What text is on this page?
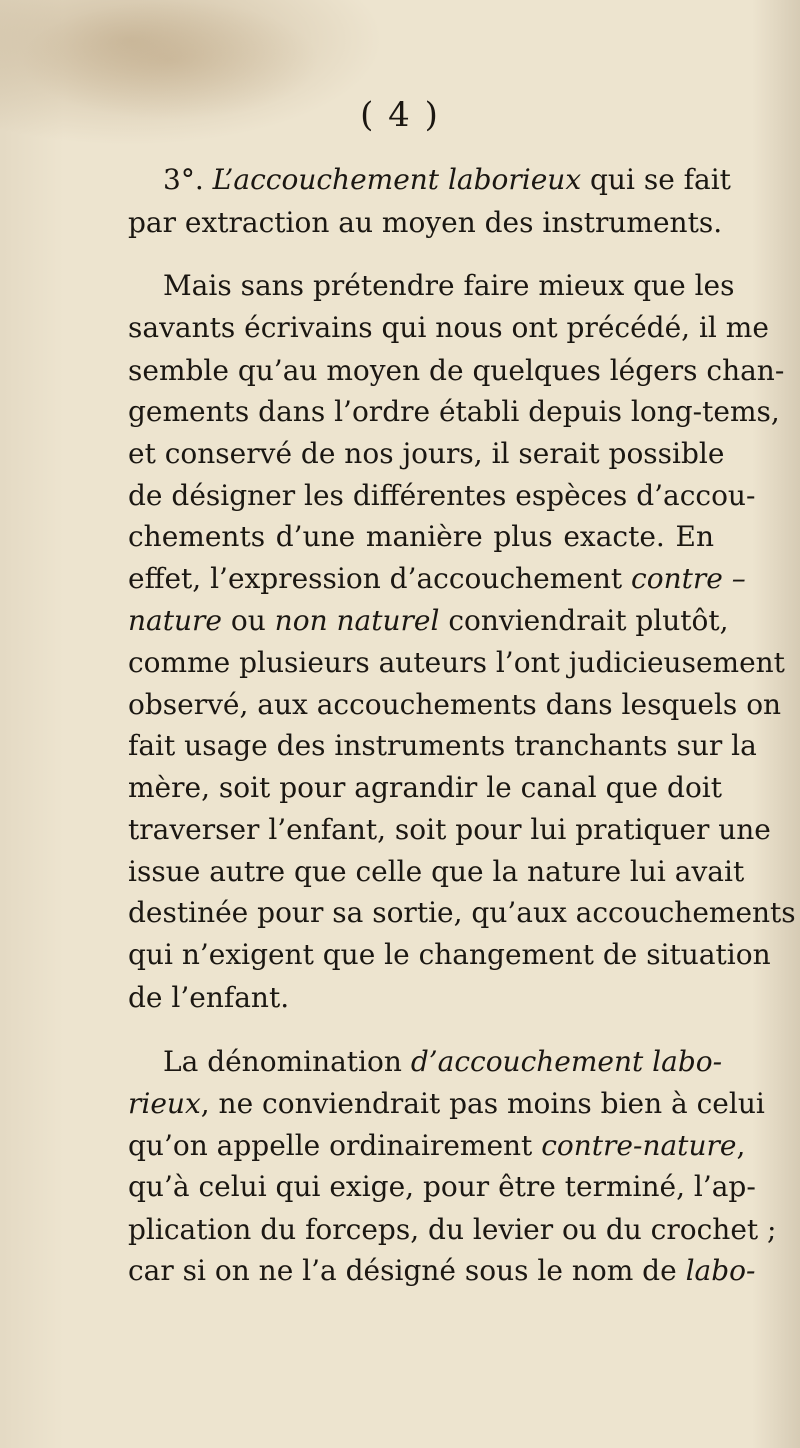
( 4 )
3°. L’accouchement laborieux qui se fait
par extraction au moyen des instruments.
Mais sans prétendre faire mieux que les
savants écrivains qui nous ont précédé, il me
semble qu’au moyen de quelques légers chan-
gements dans l’ordre établi depuis long-tems,
et conservé de nos jours, il serait possible
de désigner les différentes espèces d’accou-
chements d’une manière plus exacte. En
effet, l’expression d’accouchement contre –
nature ou non naturel conviendrait plutôt,
comme plusieurs auteurs l’ont judicieusement
observé, aux accouchements dans lesquels on
fait usage des instruments tranchants sur la
mère, soit pour agrandir le canal que doit
traverser l’enfant, soit pour lui pratiquer une
issue autre que celle que la nature lui avait
destinée pour sa sortie, qu’aux accouchements
qui n’exigent que le changement de situation
de l’enfant.
La dénomination d’accouchement labo-
rieux, ne conviendrait pas moins bien à celui
qu’on appelle ordinairement contre-nature,
qu’à celui qui exige, pour être terminé, l’ap-
plication du forceps, du levier ou du crochet ;
car si on ne l’a désigné sous le nom de labo-
